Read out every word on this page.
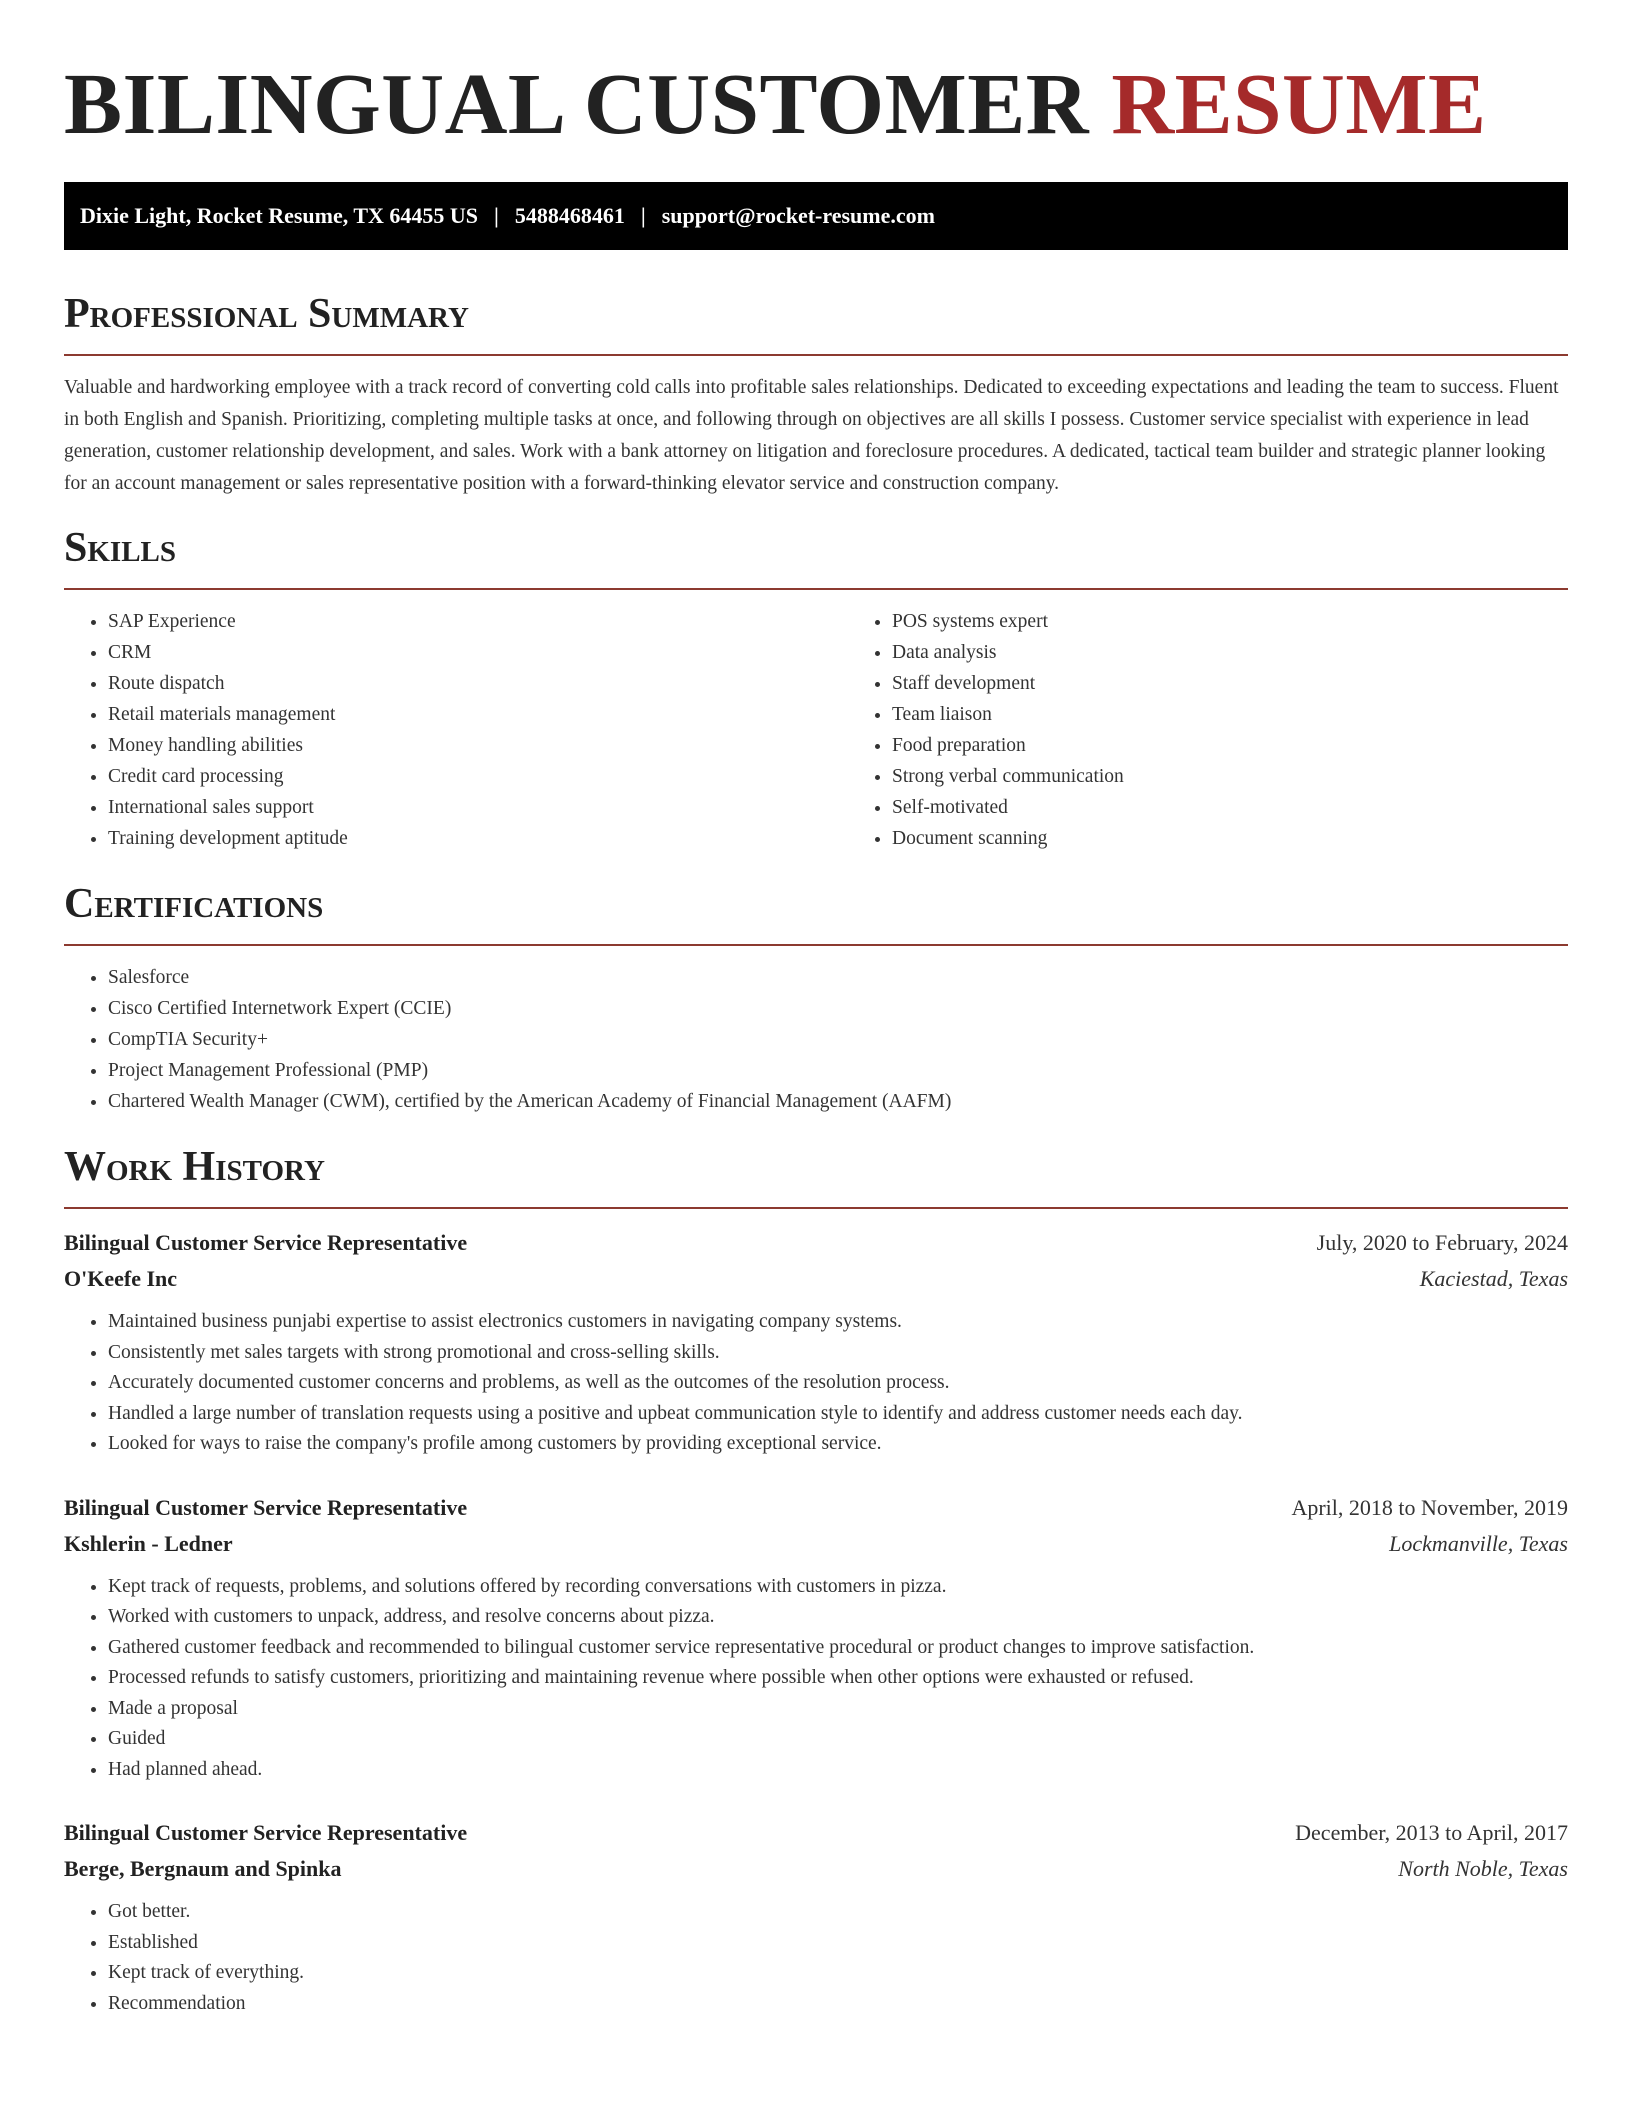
BILINGUAL CUSTOMER RESUME
Dixie Light, Rocket Resume, TX 64455 US | 5488468461 | support@rocket-resume.com
Professional Summary

Valuable and hardworking employee with a track record of converting cold calls into profitable sales relationships. Dedicated to exceeding expectations and leading the team to success. Fluent in both English and Spanish. Prioritizing, completing multiple tasks at once, and following through on objectives are all skills I possess. Customer service specialist with experience in lead generation, customer relationship development, and sales. Work with a bank attorney on litigation and foreclosure procedures. A dedicated, tactical team builder and strategic planner looking for an account management or sales representative position with a forward-thinking elevator service and construction company.

Skills
• SAP Experience
• CRM
• Route dispatch
• Retail materials management
• Money handling abilities
• Credit card processing
• International sales support
• Training development aptitude
• POS systems expert
• Data analysis
• Staff development
• Team liaison
• Food preparation
• Strong verbal communication
• Self-motivated
• Document scanning
Certifications
• Salesforce
• Cisco Certified Internetwork Expert (CCIE)
• CompTIA Security+
• Project Management Professional (PMP)
• Chartered Wealth Manager (CWM), certified by the American Academy of Financial Management (AAFM)
Work History
Bilingual Customer Service Representative	July, 2020 to February, 2024
O'Keefe Inc	Kaciestad, Texas
• Maintained business punjabi expertise to assist electronics customers in navigating company systems.
• Consistently met sales targets with strong promotional and cross-selling skills.
• Accurately documented customer concerns and problems, as well as the outcomes of the resolution process.
• Handled a large number of translation requests using a positive and upbeat communication style to identify and address customer needs each day.
• Looked for ways to raise the company's profile among customers by providing exceptional service.
Bilingual Customer Service Representative	April, 2018 to November, 2019
Kshlerin - Ledner	Lockmanville, Texas
• Kept track of requests, problems, and solutions offered by recording conversations with customers in pizza.
• Worked with customers to unpack, address, and resolve concerns about pizza.
• Gathered customer feedback and recommended to bilingual customer service representative procedural or product changes to improve satisfaction.
• Processed refunds to satisfy customers, prioritizing and maintaining revenue where possible when other options were exhausted or refused.
• Made a proposal
• Guided
• Had planned ahead.
Bilingual Customer Service Representative	December, 2013 to April, 2017
Berge, Bergnaum and Spinka	North Noble, Texas
• Got better.
• Established
• Kept track of everything.
• Recommendation
